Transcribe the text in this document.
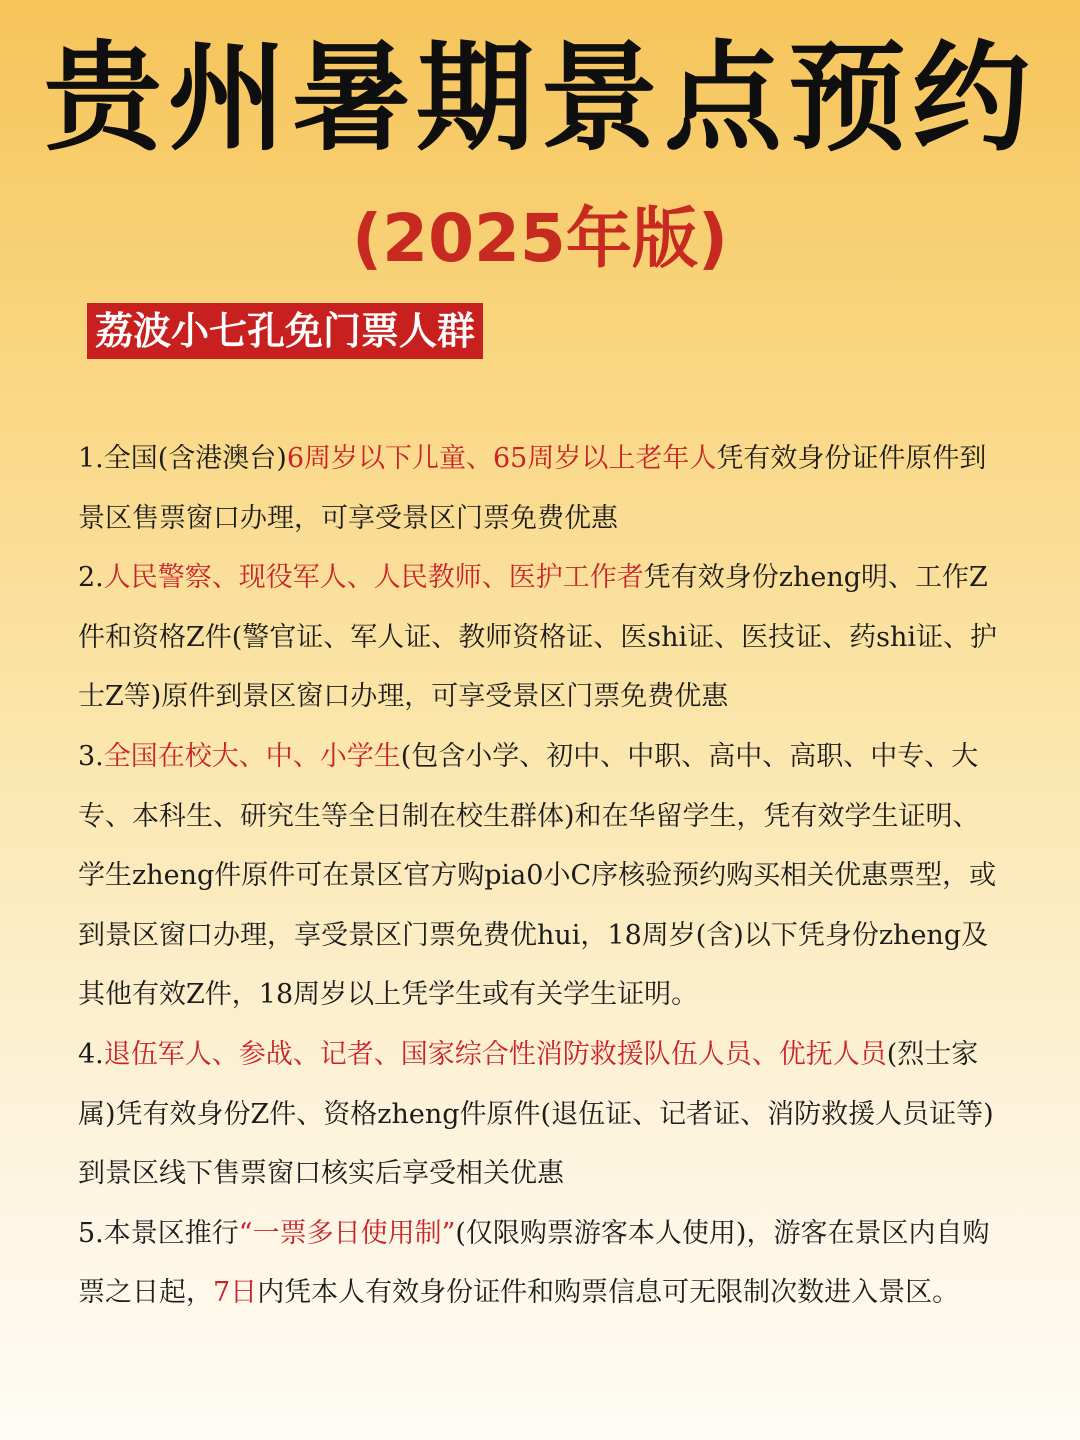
贵州暑期景点预约
(2025年版)
荔波小七孔免门票人群

1.全国(含港澳台)6周岁以下儿童、65周岁以上老年人凭有效身份证件原件到景区售票窗口办理，可享受景区门票免费优惠

2.人民警察、现役军人、人民教师、医护工作者凭有效身份zheng明、工作Z件和资格Z件(警官证、军人证、教师资格证、医shi证、医技证、药shi证、护士Z等)原件到景区窗口办理，可享受景区门票免费优惠

3.全国在校大、中、小学生(包含小学、初中、中职、高中、高职、中专、大专、本科生、研究生等全日制在校生群体)和在华留学生，凭有效学生证明、学生zheng件原件可在景区官方购pia0小C序核验预约购买相关优惠票型，或到景区窗口办理，享受景区门票免费优hui，18周岁(含)以下凭身份zheng及其他有效Z件，18周岁以上凭学生或有关学生证明。

4.退伍军人、参战、记者、国家综合性消防救援队伍人员、优抚人员(烈士家属)凭有效身份Z件、资格zheng件原件(退伍证、记者证、消防救援人员证等)到景区线下售票窗口核实后享受相关优惠

5.本景区推行“一票多日使用制”(仅限购票游客本人使用)，游客在景区内自购票之日起，7日内凭本人有效身份证件和购票信息可无限制次数进入景区。
